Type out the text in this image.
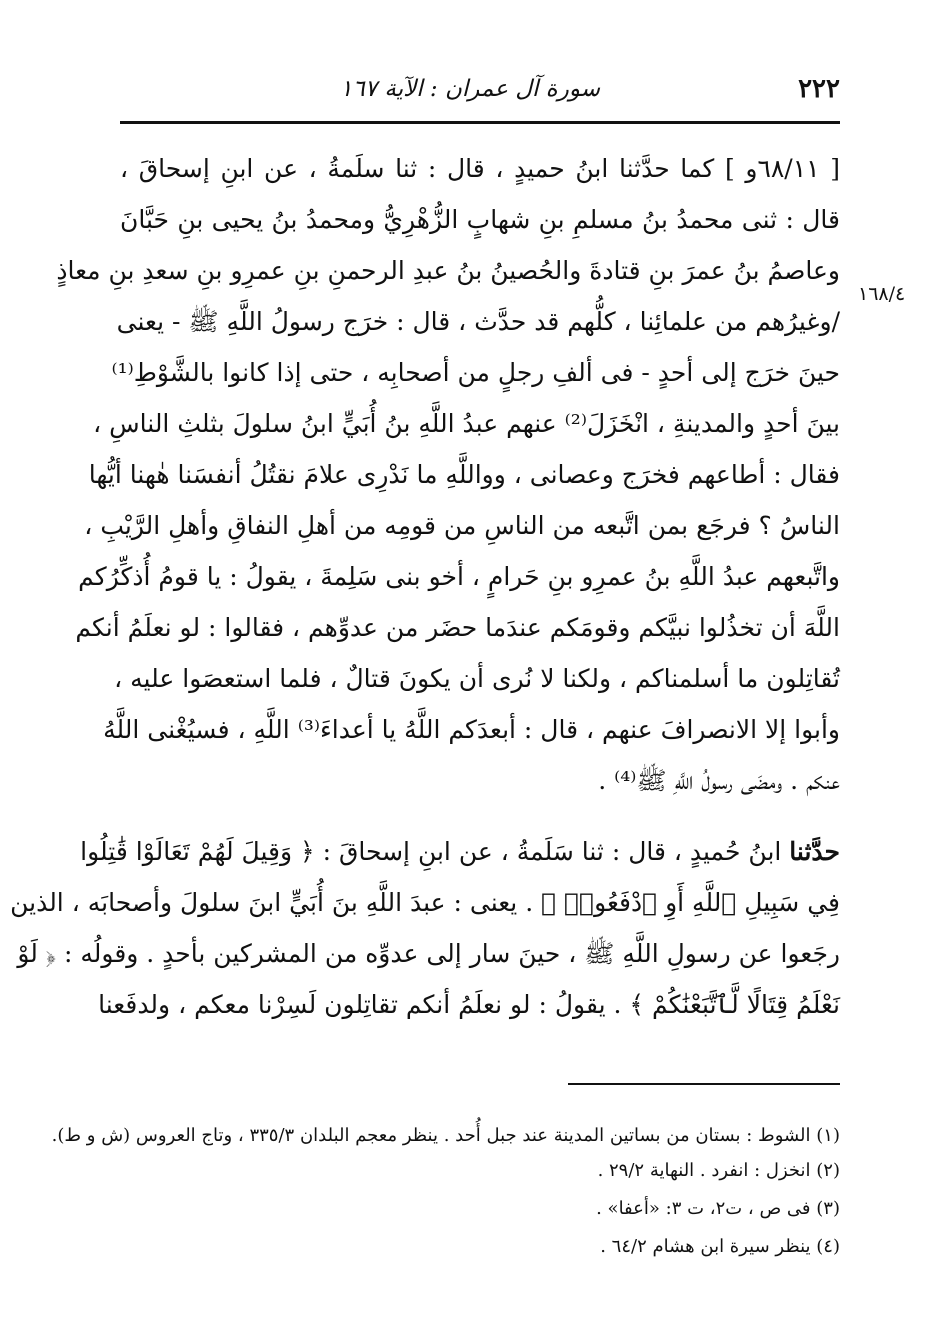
٢٢٢
سورة آل عمران : الآية ١٦٧
١٦٨/٤
[ ٦٨/١١و ] كما حدَّثنا ابنُ حميدٍ ، قال : ثنا سلَمةُ ، عن ابنِ إسحاقَ ،
قال : ثنى محمدُ بنُ مسلمِ بنِ شهابٍ الزُّهْرِيُّ ومحمدُ بنُ يحيى بنِ حَبَّانَ
وعاصمُ بنُ عمرَ بنِ قتادةَ والحُصينُ بنُ عبدِ الرحمنِ بنِ عمرِو بنِ سعدِ بنِ معاذٍ
/وغيرُهم من علمائِنا ، كلُّهم قد حدَّث ، قال : خرَج رسولُ اللَّهِ ﷺ - يعنى
حينَ خرَج إلى أحدٍ - فى ألفِ رجلٍ من أصحابِه ، حتى إذا كانوا بالشَّوْطِ⁽¹⁾
بينَ أحدٍ والمدينةِ ، انْخَزَلَ⁽²⁾ عنهم عبدُ اللَّهِ بنُ أُبَيٍّ ابنُ سلولَ بثلثِ الناسِ ،
فقال : أطاعهم فخرَج وعصانى ، وواللَّهِ ما نَدْرِى علامَ نقتُلُ أنفسَنا هٰهنا أيُّها
الناسُ ؟ فرجَع بمن اتَّبعه من الناسِ من قومِه من أهلِ النفاقِ وأهلِ الرَّيْبِ ،
واتَّبعهم عبدُ اللَّهِ بنُ عمرِو بنِ حَرامٍ ، أخو بنى سَلِمةَ ، يقولُ : يا قومُ أُذكِّرُكم
اللَّهَ أن تخذُلوا نبيَّكم وقومَكم عندَما حضَر من عدوِّهم ، فقالوا : لو نعلَمُ أنكم
تُقاتِلون ما أسلمناكم ، ولكنا لا نُرى أن يكونَ قتالٌ ، فلما استعصَوا عليه ،
وأبوا إلا الانصرافَ عنهم ، قال : أبعدَكم اللَّهُ يا أعداءَ⁽³⁾ اللَّهِ ، فسيُغْنى اللَّهُ
عنكم . ومضَى رسولُ اللَّهِ ﷺ⁽⁴⁾ .
حدَّثنا ابنُ حُميدٍ ، قال : ثنا سَلَمةُ ، عن ابنِ إسحاقَ : ﴿ وَقِيلَ لَهُمْ تَعَالَوْا قَٰتِلُوا
فِي سَبِيلِ ٱللَّهِ أَوِ ٱدْفَعُوا۟ ﴾ . يعنى : عبدَ اللَّهِ بنَ أُبَيٍّ ابنَ سلولَ وأصحابَه ، الذين
رجَعوا عن رسولِ اللَّهِ ﷺ ، حينَ سار إلى عدوِّه من المشركين بأحدٍ . وقولُه : ﴿ لَوْ
نَعْلَمُ قِتَالًا لَّٱتَّبَعْنَٰكُمْ ﴾ . يقولُ : لو نعلَمُ أنكم تقاتِلون لَسِرْنا معكم ، ولدفَعنا
(١) الشوط : بستان من بساتين المدينة عند جبل أُحد . ينظر معجم البلدان ٣٣٥/٣ ، وتاج العروس (ش و ط).
(٢) انخزل : انفرد . النهاية ٢٩/٢ .
(٣) فى ص ، ت٢، ت ٣: «أعفا» .
(٤) ينظر سيرة ابن هشام ٦٤/٢ .
